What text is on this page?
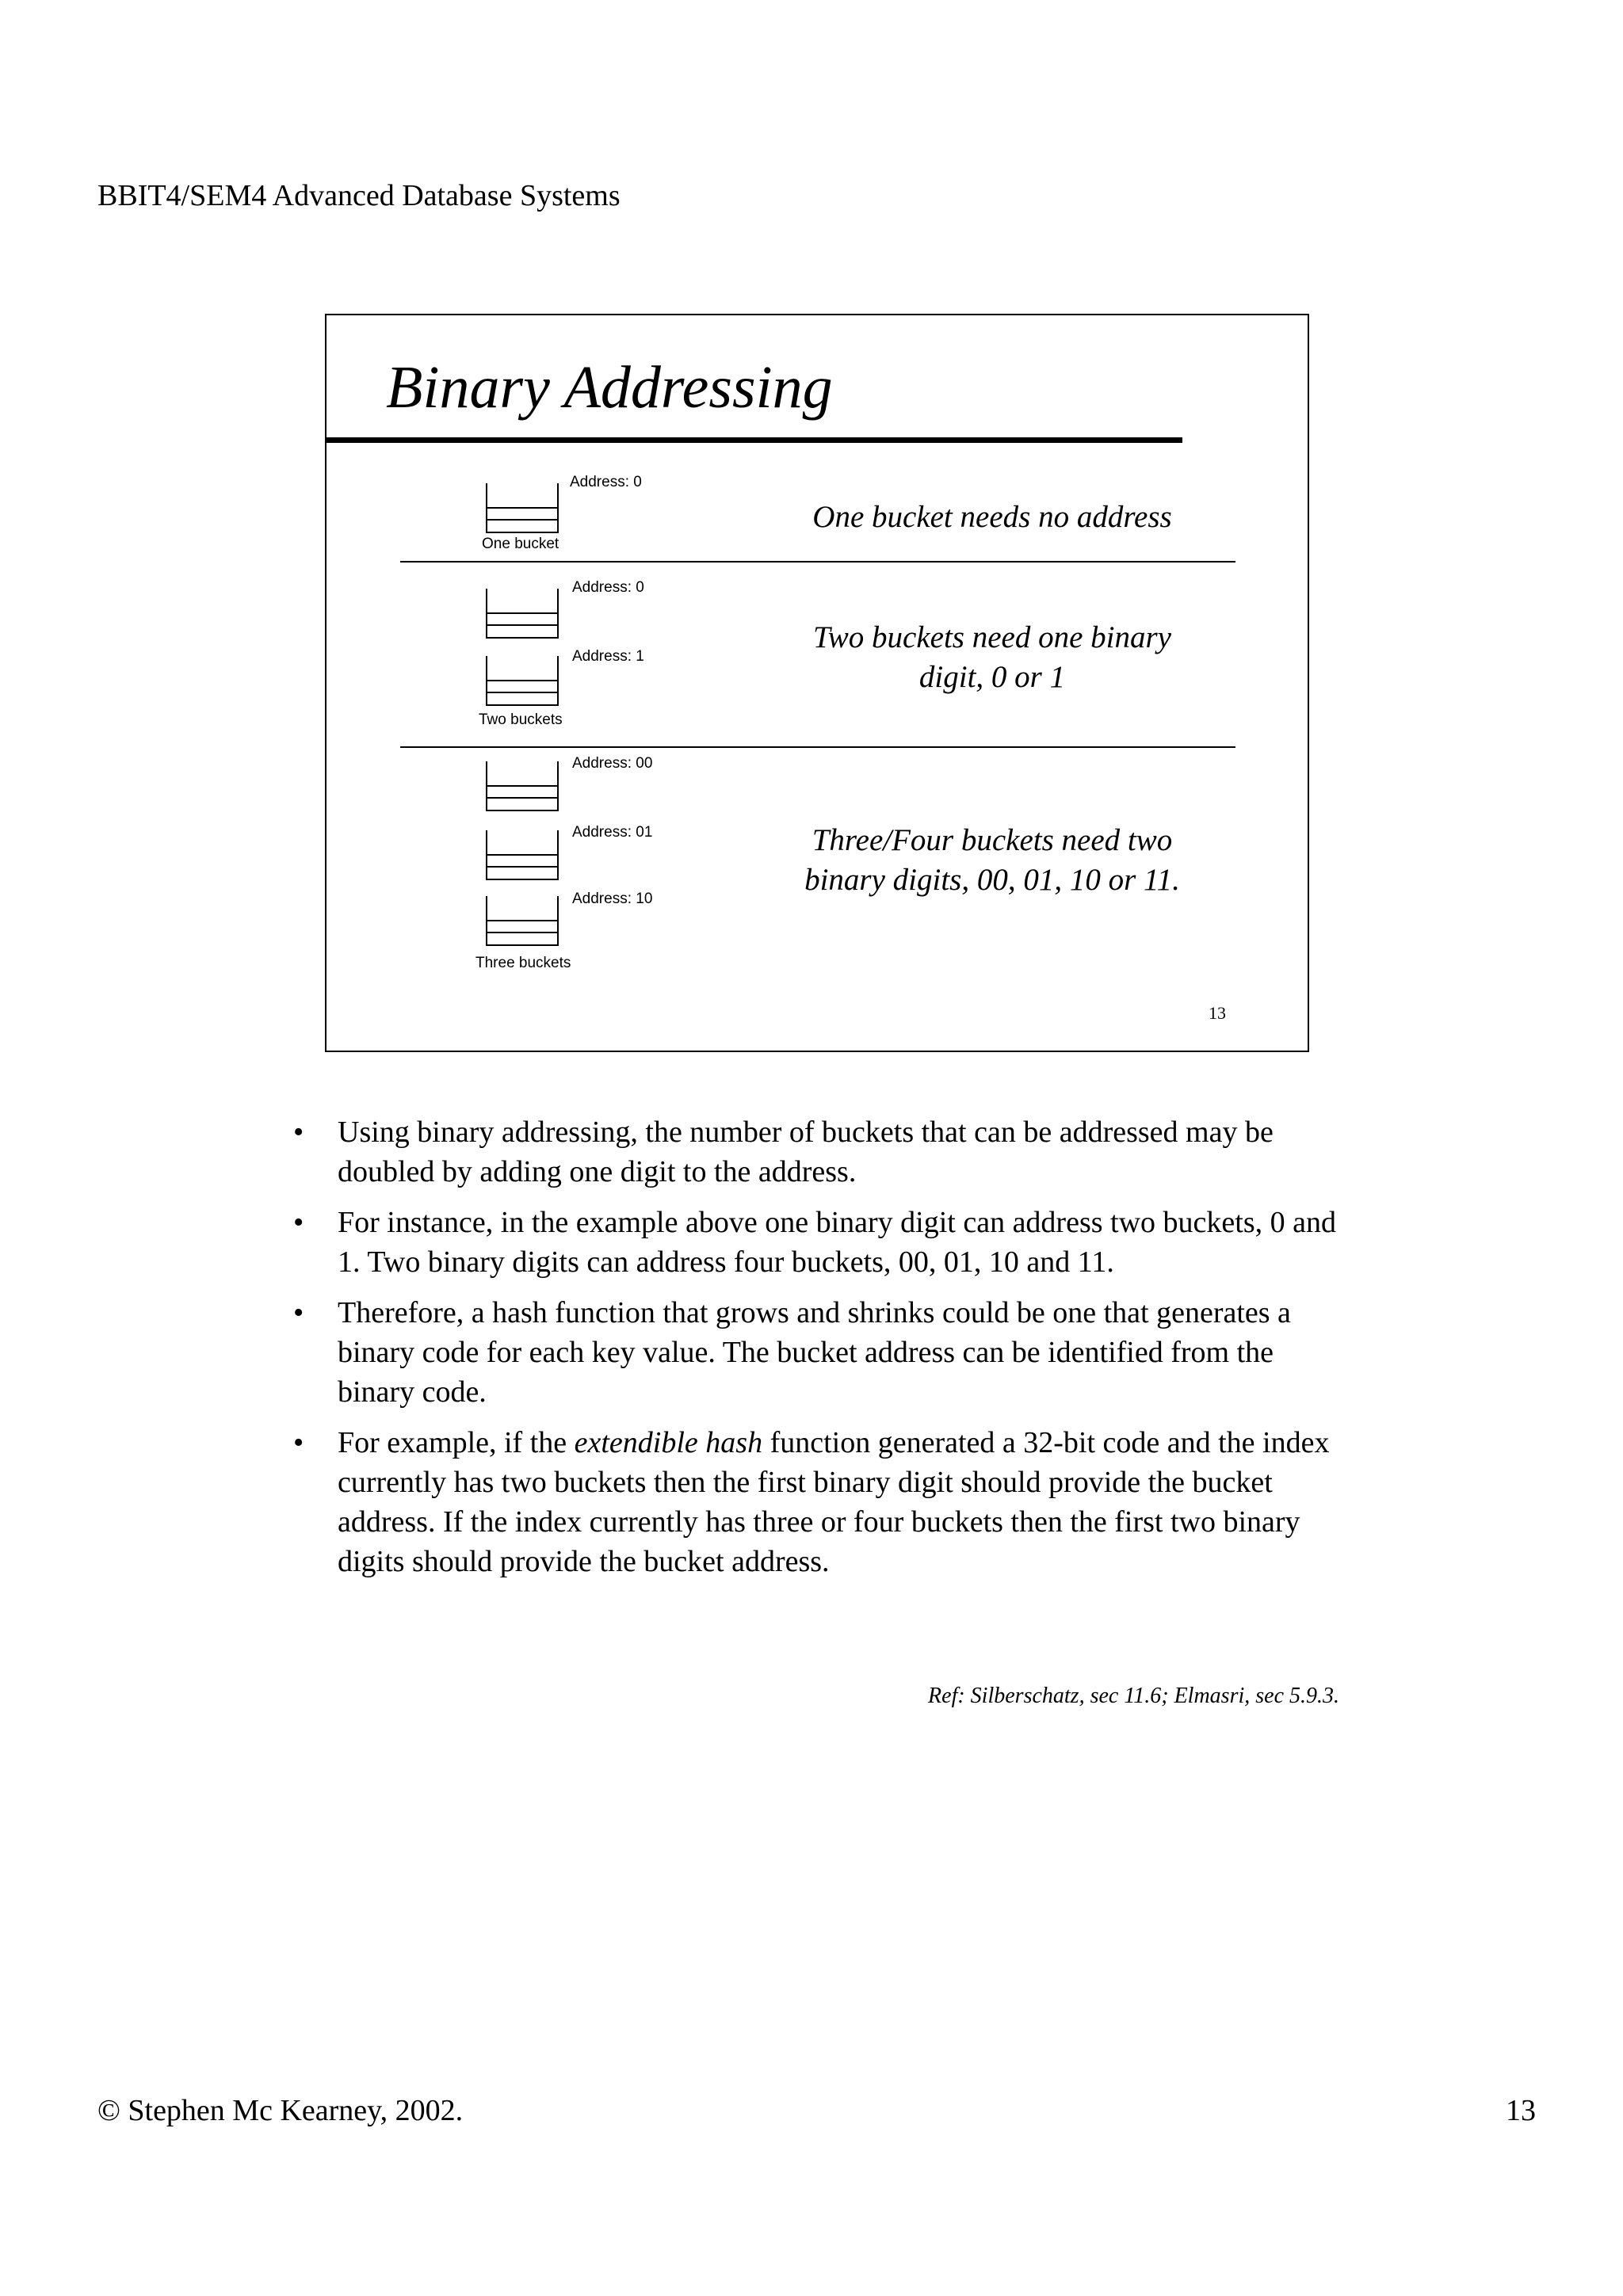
BBIT4/SEM4 Advanced Database Systems
Binary Addressing
Address: 0
One bucket
One bucket needs no address
Address: 0
Address: 1
Two buckets
Two buckets need one binary
digit, 0 or 1
Address: 00
Address: 01
Address: 10
Three buckets
Three/Four buckets need two
binary digits, 00, 01, 10 or 11.
13
• Using binary addressing, the number of buckets that can be addressed may be doubled by adding one digit to the address.
• For instance, in the example above one binary digit can address two buckets, 0 and 1. Two binary digits can address four buckets, 00, 01, 10 and 11.
• Therefore, a hash function that grows and shrinks could be one that generates a binary code for each key value. The bucket address can be identified from the binary code.
• For example, if the extendible hash function generated a 32-bit code and the index currently has two buckets then the first binary digit should provide the bucket address. If the index currently has three or four buckets then the first two binary digits should provide the bucket address.
Ref: Silberschatz, sec 11.6; Elmasri, sec 5.9.3.
© Stephen Mc Kearney, 2002.	13
